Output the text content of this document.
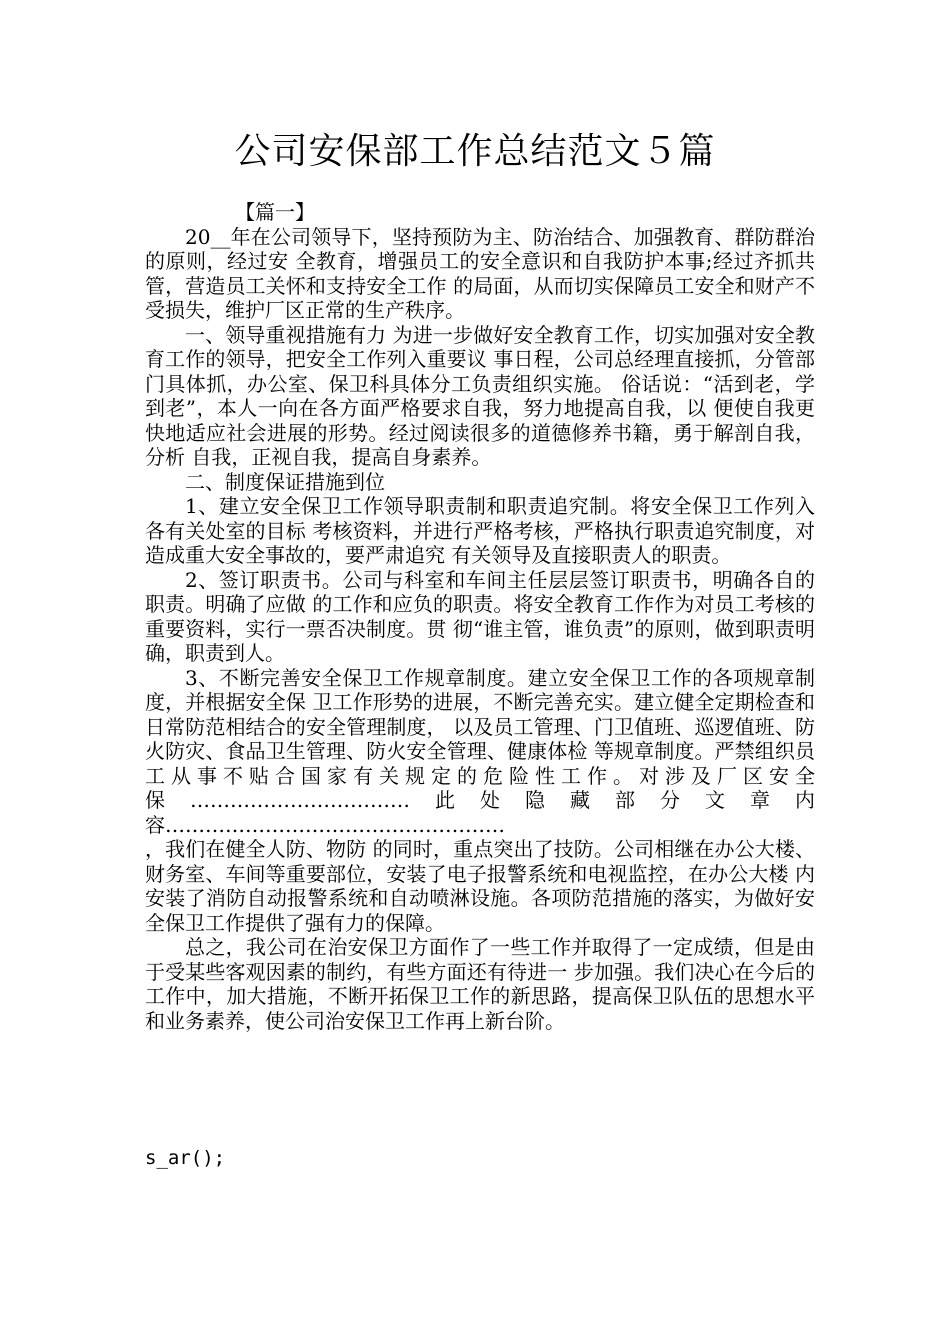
公司安保部工作总结范文５篇

【篇一】

20__年在公司领导下，坚持预防为主、防治结合、加强教育、群防群治的原则，经过安 全教育，增强员工的安全意识和自我防护本事;经过齐抓共管，营造员工关怀和支持安全工作 的局面，从而切实保障员工安全和财产不受损失，维护厂区正常的生产秩序。

一、领导重视措施有力 为进一步做好安全教育工作，切实加强对安全教育工作的领导，把安全工作列入重要议 事日程，公司总经理直接抓，分管部门具体抓，办公室、保卫科具体分工负责组织实施。 俗话说：“活到老，学到老”，本人一向在各方面严格要求自我，努力地提高自我，以 便使自我更快地适应社会进展的形势。经过阅读很多的道德修养书籍，勇于解剖自我，分析 自我，正视自我，提高自身素养。

二、制度保证措施到位

1、建立安全保卫工作领导职责制和职责追究制。将安全保卫工作列入各有关处室的目标 考核资料，并进行严格考核，严格执行职责追究制度，对造成重大安全事故的，要严肃追究 有关领导及直接职责人的职责。

2、签订职责书。公司与科室和车间主任层层签订职责书，明确各自的职责。明确了应做 的工作和应负的职责。将安全教育工作作为对员工考核的重要资料，实行一票否决制度。贯 彻“谁主管，谁负责”的原则，做到职责明确，职责到人。

3、不断完善安全保卫工作规章制度。建立安全保卫工作的各项规章制度，并根据安全保 卫工作形势的进展，不断完善充实。建立健全定期检查和日常防范相结合的安全管理制度， 以及员工管理、门卫值班、巡逻值班、防火防灾、食品卫生管理、防火安全管理、健康体检 等规章制度。严禁组织员工从事不贴合国家有关规定的危险性工作。对涉及厂区安全保……………………………此处隐藏部分文章内容……………………………………………

，我们在健全人防、物防 的同时，重点突出了技防。公司相继在办公大楼、财务室、车间等重要部位，安装了电子报警系统和电视监控，在办公大楼 内安装了消防自动报警系统和自动喷淋设施。各项防范措施的落实，为做好安全保卫工作提供了强有力的保障。

总之，我公司在治安保卫方面作了一些工作并取得了一定成绩，但是由于受某些客观因素的制约，有些方面还有待进一 步加强。我们决心在今后的工作中，加大措施，不断开拓保卫工作的新思路，提高保卫队伍的思想水平和业务素养，使公司治安保卫工作再上新台阶。

s_ar();
